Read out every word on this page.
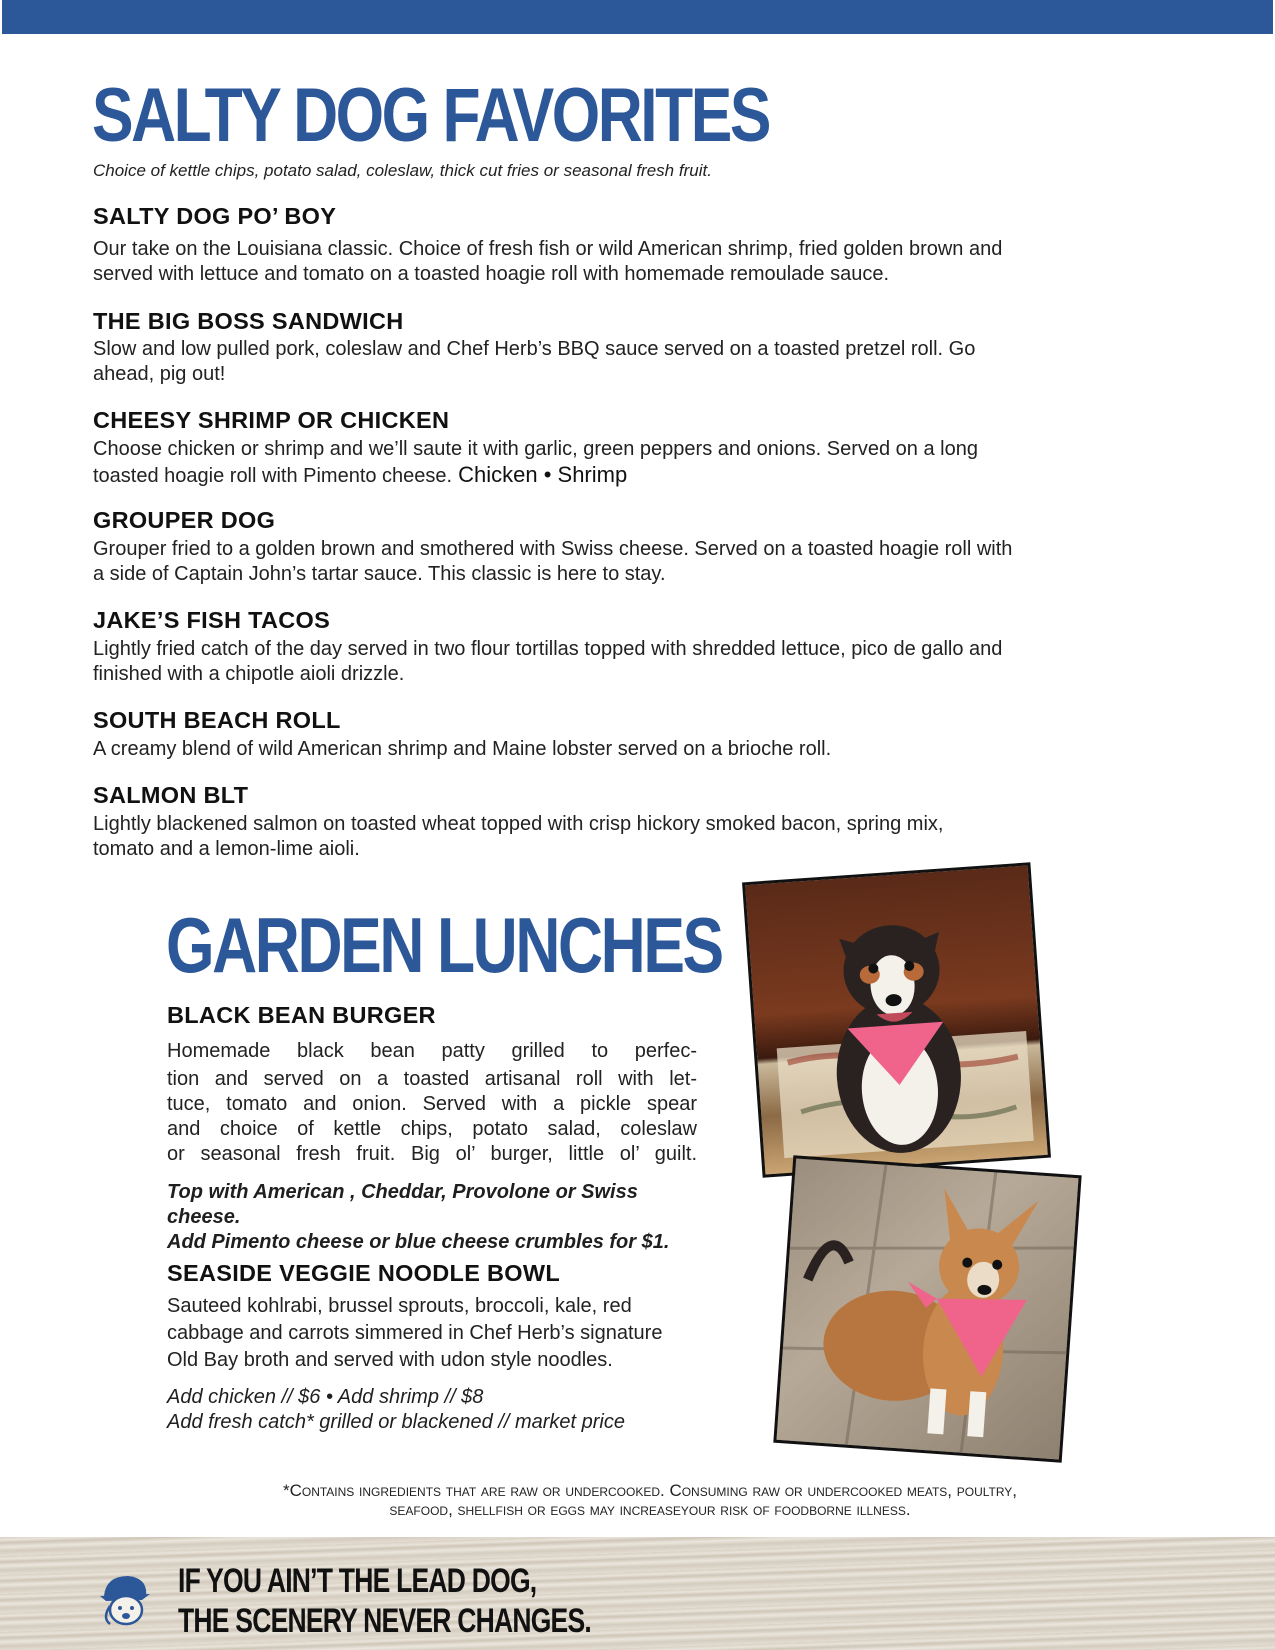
SALTY DOG FAVORITES
Choice of kettle chips, potato salad, coleslaw, thick cut fries or seasonal fresh fruit.
SALTY DOG PO’ BOY

Our take on the Louisiana classic. Choice of fresh fish or wild American shrimp, fried golden brown and served with lettuce and tomato on a toasted hoagie roll with homemade remoulade sauce.

THE BIG BOSS SANDWICH

Slow and low pulled pork, coleslaw and Chef Herb’s BBQ sauce served on a toasted pretzel roll. Go ahead, pig out!

CHEESY SHRIMP OR CHICKEN

Choose chicken or shrimp and we’ll saute it with garlic, green peppers and onions. Served on a long toasted hoagie roll with Pimento cheese. Chicken • Shrimp

GROUPER DOG

Grouper fried to a golden brown and smothered with Swiss cheese. Served on a toasted hoagie roll with a side of Captain John’s tartar sauce. This classic is here to stay.

JAKE’S FISH TACOS

Lightly fried catch of the day served in two flour tortillas topped with shredded lettuce, pico de gallo and finished with a chipotle aioli drizzle.

SOUTH BEACH ROLL

A creamy blend of wild American shrimp and Maine lobster served on a brioche roll.

SALMON BLT

Lightly blackened salmon on toasted wheat topped with crisp hickory smoked bacon, spring mix, tomato and a lemon-lime aioli.

GARDEN LUNCHES
BLACK BEAN BURGER
Homemade black bean patty grilled to perfec-
tion and served on a toasted artisanal roll with let-
tuce, tomato and onion. Served with a pickle spear
and choice of kettle chips, potato salad, coleslaw
or seasonal fresh fruit. Big ol’ burger, little ol’ guilt.
Top with American , Cheddar, Provolone or Swiss cheese.
Add Pimento cheese or blue cheese crumbles for $1.
SEASIDE VEGGIE NOODLE BOWL

Sauteed kohlrabi, brussel sprouts, broccoli, kale, red cabbage and carrots simmered in Chef Herb’s signature Old Bay broth and served with udon style noodles.

Add chicken // $6 • Add shrimp // $8
Add fresh catch* grilled or blackened // market price
*Contains ingredients that are raw or undercooked. Consuming raw or undercooked meats, poultry,
seafood, shellfish or eggs may increaseyour risk of foodborne illness.
IF YOU AIN’T THE LEAD DOG,
THE SCENERY NEVER CHANGES.
